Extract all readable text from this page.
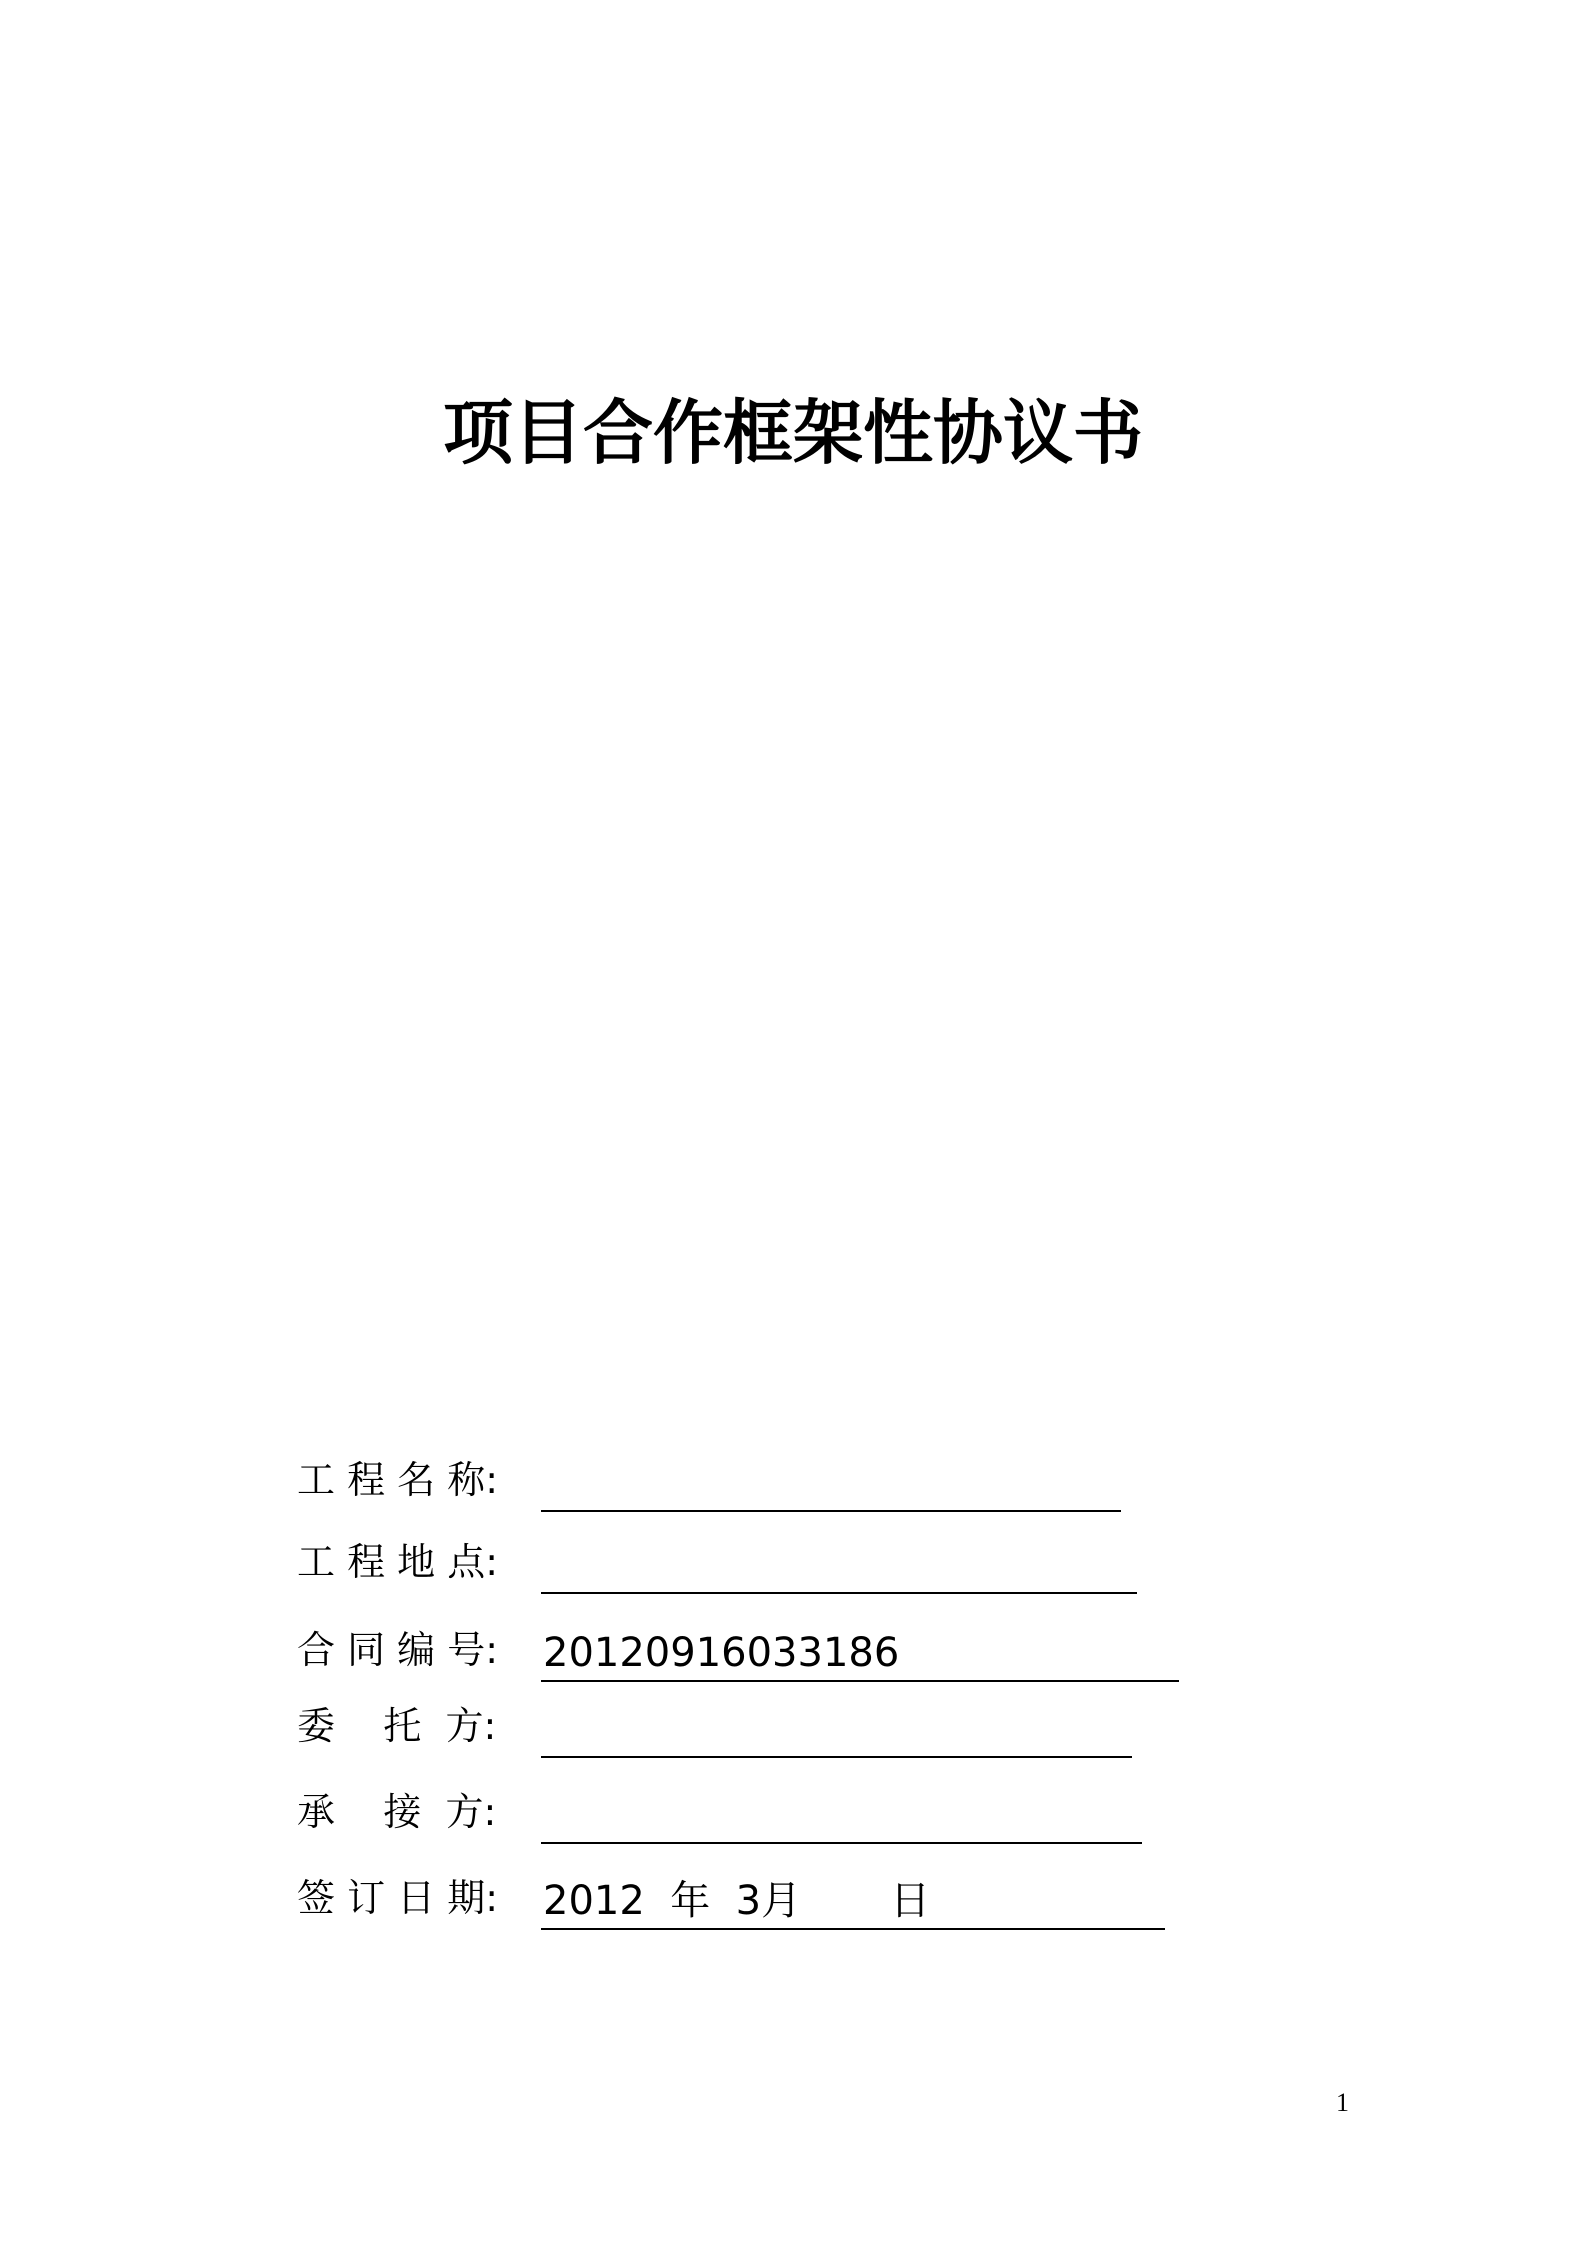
项目合作框架性协议书
工 程 名 称:
工 程 地 点:
合 同 编 号: 20120916033186
委    托  方:
承    接  方:
签 订 日 期: 2012  年  3月       日
1
